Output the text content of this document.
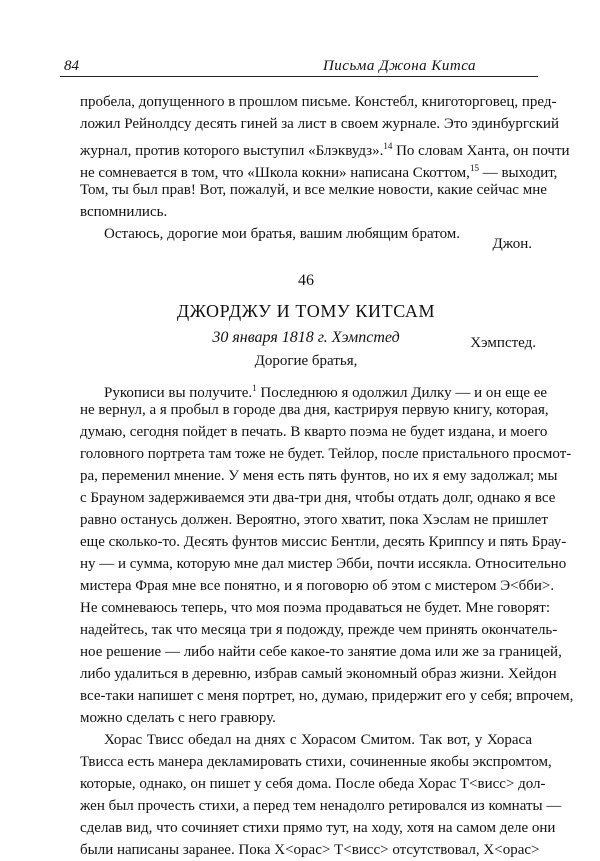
84	Письма Джона Китса
пробела, допущенного в прошлом письме. Констебл, книготорговец, пред-
ложил Рейнолдсу десять гиней за лист в своем журнале. Это эдинбургский
журнал, против которого выступил «Блэквудз».$^{14}$ По словам Ханта, он почти
не сомневается в том, что «Школа кокни» написана Скоттом,$^{15}$ — выходит,
Том, ты был прав! Вот, пожалуй, и все мелкие новости, какие сейчас мне
вспомнились.
Остаюсь, дорогие мои братья, вашим любящим братом.
Джон.
46
ДЖОРДЖУ И ТОМУ КИТСАМ
30 января 1818 г. Хэмпстед	Хэмпстед.
Дорогие братья,
Рукописи вы получите.$^1$ Последнюю я одолжил Дилку — и он еще ее
не вернул, а я пробыл в городе два дня, кастрируя первую книгу, которая,
думаю, сегодня пойдет в печать. В кварто поэма не будет издана, и моего
головного портрета там тоже не будет. Тейлор, после пристального просмот-
ра, переменил мнение. У меня есть пять фунтов, но их я ему задолжал; мы
с Брауном задерживаемся эти два-три дня, чтобы отдать долг, однако я все
равно останусь должен. Вероятно, этого хватит, пока Хэслам не пришлет
еще сколько-то. Десять фунтов миссис Бентли, десять Криппсу и пять Брау-
ну — и сумма, которую мне дал мистер Эбби, почти иссякла. Относительно
мистера Фрая мне все понятно, и я поговорю об этом с мистером Э<бби>.
Не сомневаюсь теперь, что моя поэма продаваться не будет. Мне говорят:
надейтесь, так что месяца три я подожду, прежде чем принять окончатель-
ное решение — либо найти себе какое-то занятие дома или же за границей,
либо удалиться в деревню, избрав самый экономный образ жизни. Хейдон
все-таки напишет с меня портрет, но, думаю, придержит его у себя; впрочем,
можно сделать с него гравюру.
Хорас Твисс обедал на днях с Хорасом Смитом. Так вот, у Хораса
Твисса есть манера декламировать стихи, сочиненные якобы экспромтом,
которые, однако, он пишет у себя дома. После обеда Хорас Т<висс> дол-
жен был прочесть стихи, а перед тем ненадолго ретировался из комнаты —
сделав вид, что сочиняет стихи прямо тут, на ходу, хотя на самом деле они
были написаны заранее. Пока Х<орас> Т<висс> отсутствовал, Х<орас>
